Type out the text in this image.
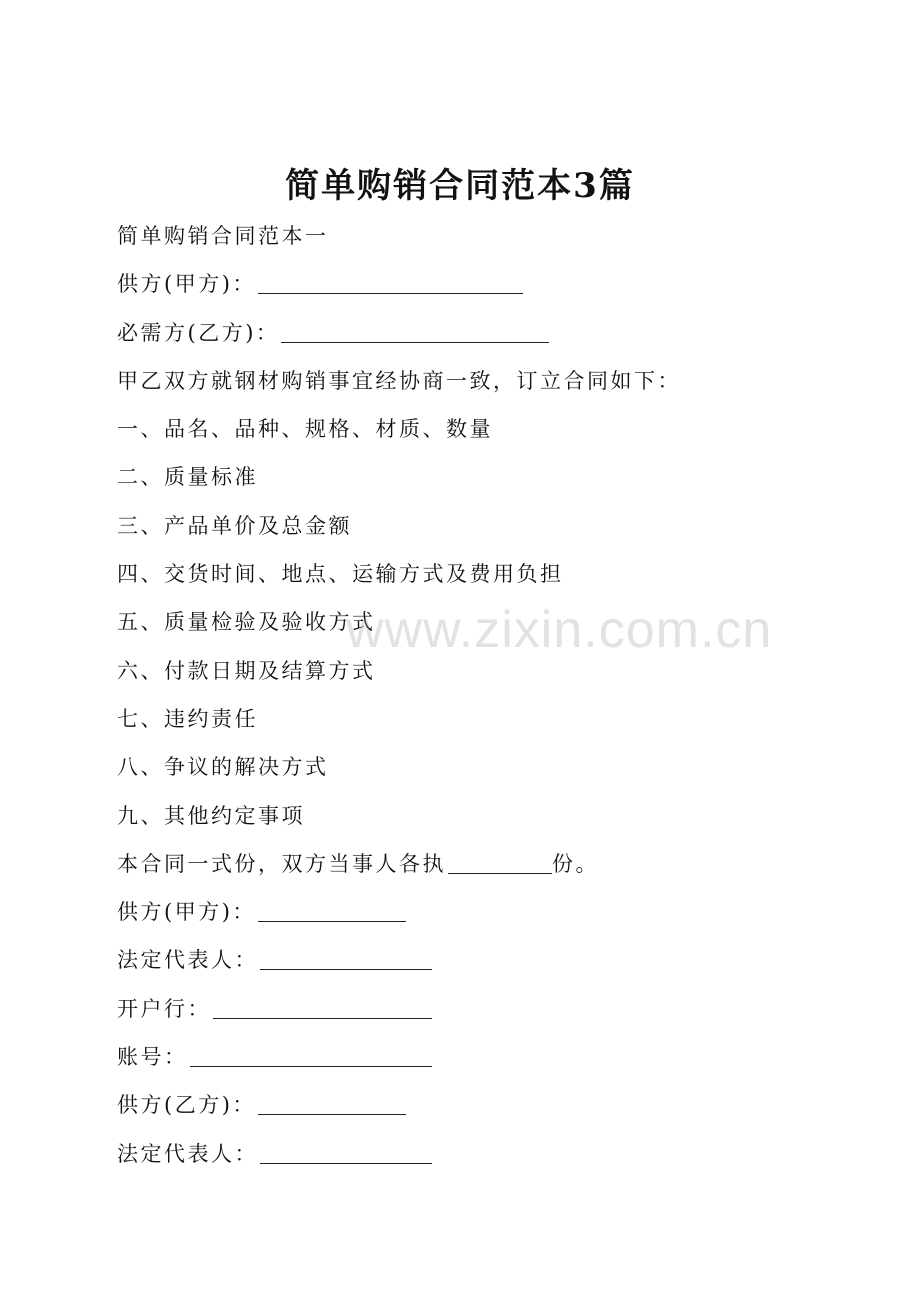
简单购销合同范本3篇
简单购销合同范本一
供方(甲方)：
必需方(乙方)：
甲乙双方就钢材购销事宜经协商一致，订立合同如下：
一、品名、品种、规格、材质、数量
二、质量标准
三、产品单价及总金额
四、交货时间、地点、运输方式及费用负担
五、质量检验及验收方式
六、付款日期及结算方式
七、违约责任
八、争议的解决方式
九、其他约定事项
本合同一式份，双方当事人各执	份。
供方(甲方)：
法定代表人：
开户行：
账号：
供方(乙方)：
法定代表人：
www.zixin.com.cn
